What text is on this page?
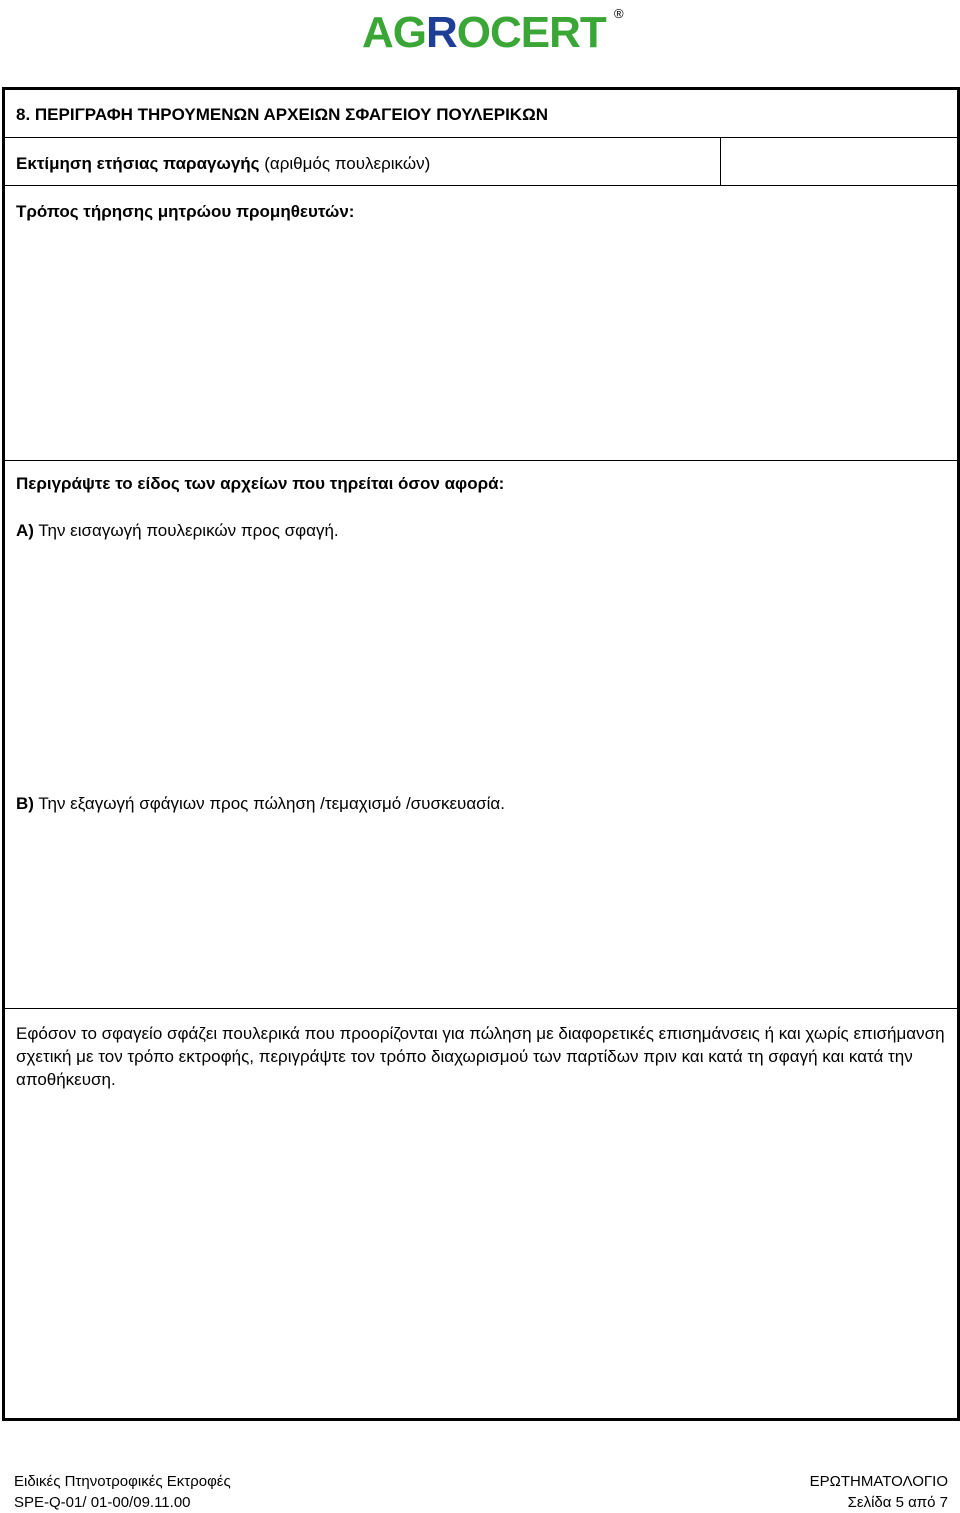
AGROCERT ®
8. ΠΕΡΙΓΡΑΦΗ ΤΗΡΟΥΜΕΝΩΝ ΑΡΧΕΙΩΝ ΣΦΑΓΕΙΟΥ ΠΟΥΛΕΡΙΚΩΝ
Εκτίμηση ετήσιας παραγωγής (αριθμός πουλερικών)
Τρόπος τήρησης μητρώου προμηθευτών:
Περιγράψτε το είδος των αρχείων που τηρείται όσον αφορά:
Α) Την εισαγωγή πουλερικών προς σφαγή.
Β) Την εξαγωγή σφάγιων προς πώληση /τεμαχισμό /συσκευασία.
Εφόσον το σφαγείο σφάζει πουλερικά που προορίζονται για πώληση με διαφορετικές επισημάνσεις ή και χωρίς επισήμανση σχετική με τον τρόπο εκτροφής, περιγράψτε τον τρόπο διαχωρισμού των παρτίδων πριν και κατά τη σφαγή και κατά την αποθήκευση.
Ειδικές Πτηνοτροφικές Εκτροφές
SPE-Q-01/ 01-00/09.11.00
ΕΡΩΤΗΜΑΤΟΛΟΓΙΟ
Σελίδα 5 από 7
